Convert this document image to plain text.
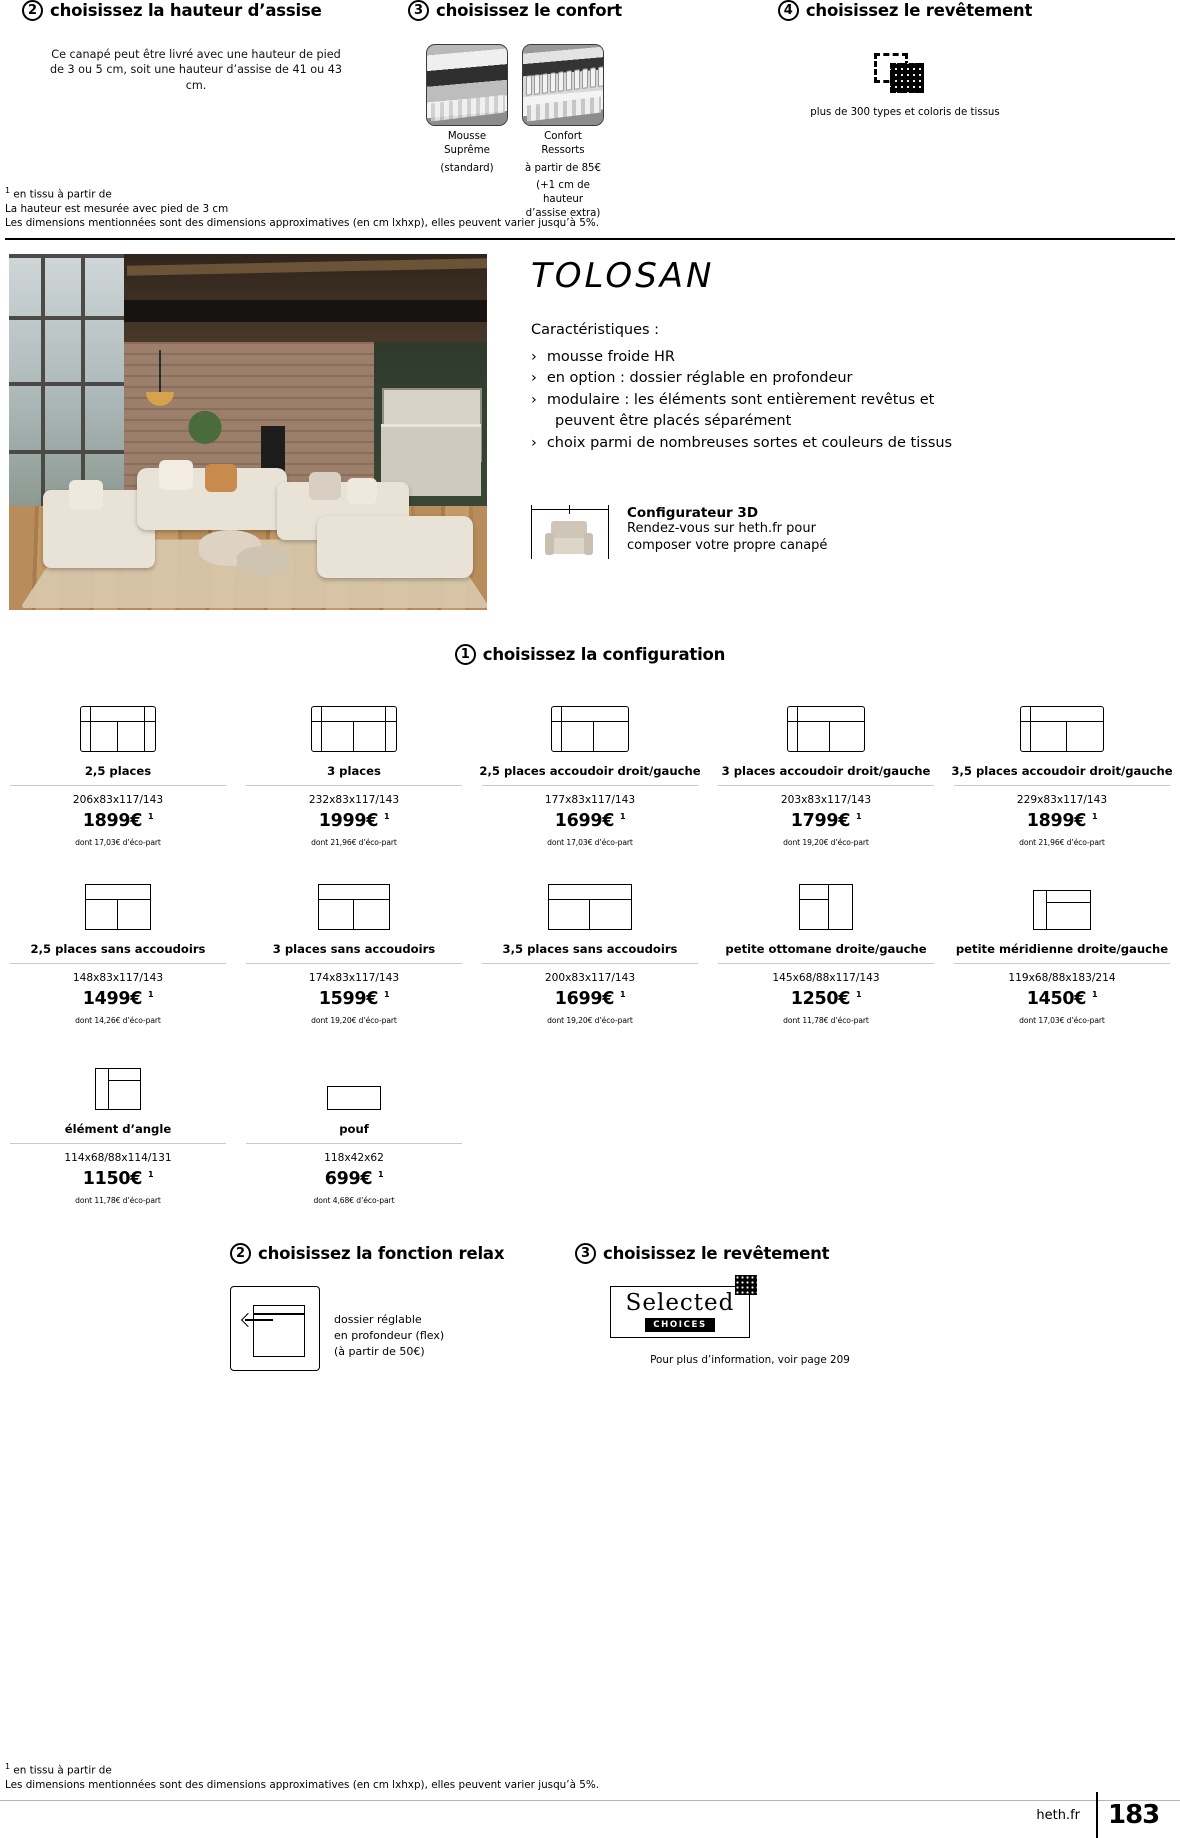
2 choisissez la hauteur d’assise
Ce canapé peut être livré avec une hauteur de pied de 3 ou 5 cm, soit une hauteur d’assise de 41 ou 43 cm.
3 choisissez le confort
Mousse Suprême
(standard)
Confort Ressorts
à partir de 85€
(+1 cm de hauteur d’assise extra)
4 choisissez le revêtement
plus de 300 types et coloris de tissus
$^1$ en tissu à partir de
La hauteur est mesurée avec pied de 3 cm
Les dimensions mentionnées sont des dimensions approximatives (en cm lxhxp), elles peuvent varier jusqu’à 5%.
TOLOSAN
Caractéristiques :
› mousse froide HR
› en option : dossier réglable en profondeur
› modulaire : les éléments sont entièrement revêtus et
peuvent être placés séparément
› choix parmi de nombreuses sortes et couleurs de tissus
Configurateur 3D
Rendez-vous sur heth.fr pour
composer votre propre canapé
1 choisissez la configuration
2,5 places
206x83x117/143
1899€ $^1$
dont 17,03€ d’éco-part
3 places
232x83x117/143
1999€ $^1$
dont 21,96€ d’éco-part
2,5 places accoudoir droit/gauche
177x83x117/143
1699€ $^1$
dont 17,03€ d’éco-part
3 places accoudoir droit/gauche
203x83x117/143
1799€ $^1$
dont 19,20€ d’éco-part
3,5 places accoudoir droit/gauche
229x83x117/143
1899€ $^1$
dont 21,96€ d’éco-part
2,5 places sans accoudoirs
148x83x117/143
1499€ $^1$
dont 14,26€ d’éco-part
3 places sans accoudoirs
174x83x117/143
1599€ $^1$
dont 19,20€ d’éco-part
3,5 places sans accoudoirs
200x83x117/143
1699€ $^1$
dont 19,20€ d’éco-part
petite ottomane droite/gauche
145x68/88x117/143
1250€ $^1$
dont 11,78€ d’éco-part
petite méridienne droite/gauche
119x68/88x183/214
1450€ $^1$
dont 17,03€ d’éco-part
élément d’angle
114x68/88x114/131
1150€ $^1$
dont 11,78€ d’éco-part
pouf
118x42x62
699€ $^1$
dont 4,68€ d’éco-part
2 choisissez la fonction relax
dossier réglable
en profondeur (flex)
(à partir de 50€)
3 choisissez le revêtement
Selected
CHOICES
Pour plus d’information, voir page 209
$^1$ en tissu à partir de
Les dimensions mentionnées sont des dimensions approximatives (en cm lxhxp), elles peuvent varier jusqu’à 5%.
heth.fr 183
